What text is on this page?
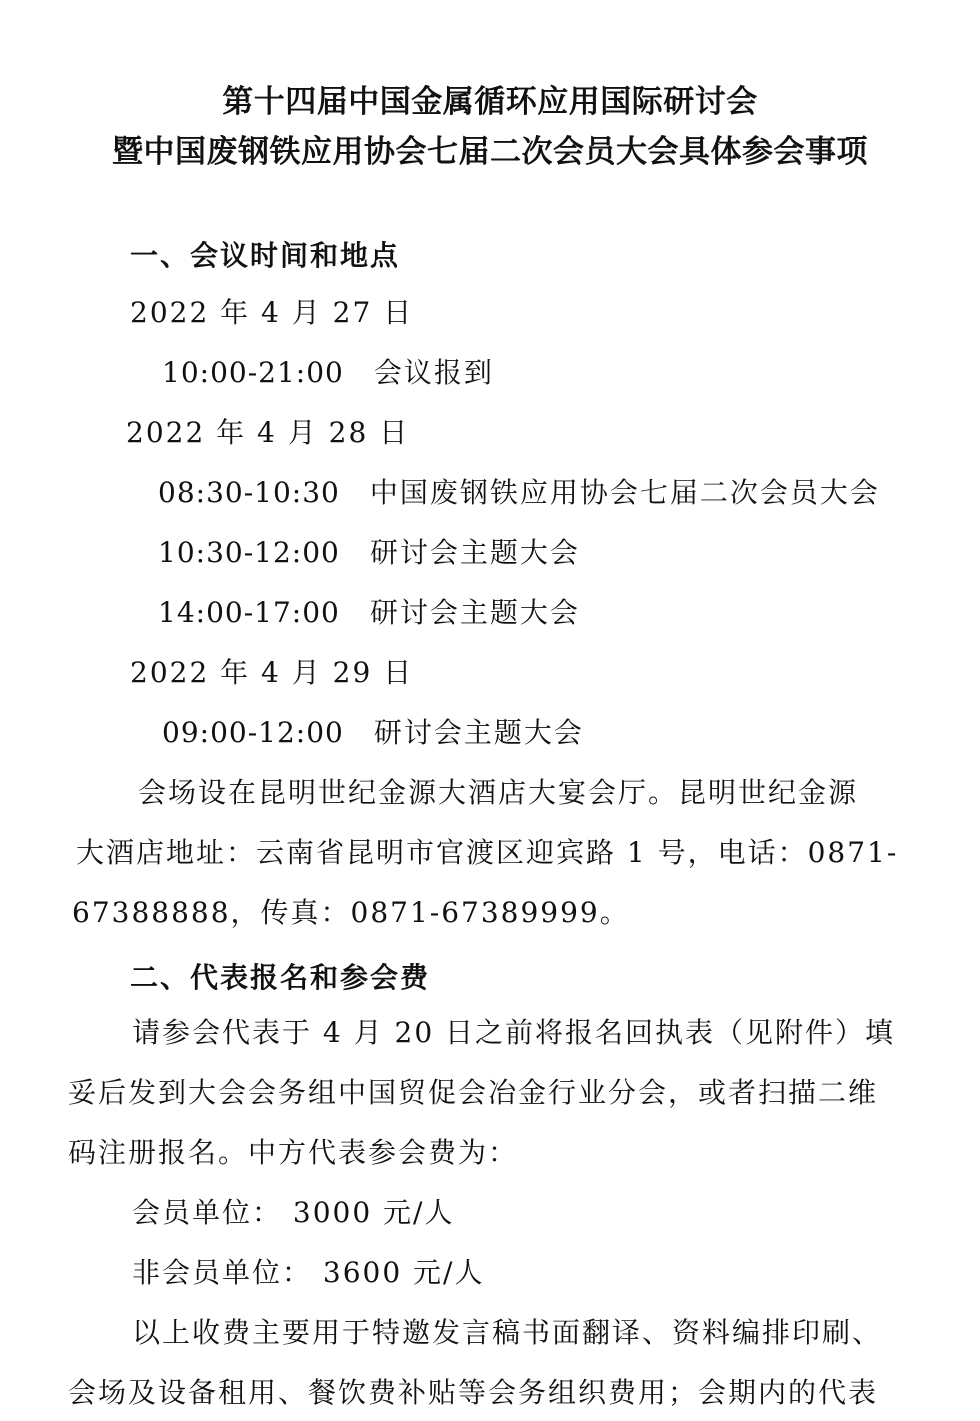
第十四届中国金属循环应用国际研讨会
暨中国废钢铁应用协会七届二次会员大会具体参会事项
一、会议时间和地点
2022 年 4 月 27 日
10:00-21:00 会议报到
2022 年 4 月 28 日
08:30-10:30 中国废钢铁应用协会七届二次会员大会
10:30-12:00 研讨会主题大会
14:00-17:00 研讨会主题大会
2022 年 4 月 29 日
09:00-12:00 研讨会主题大会
会场设在昆明世纪金源大酒店大宴会厅。昆明世纪金源
大酒店地址：云南省昆明市官渡区迎宾路 1 号，电话：0871-
67388888，传真：0871-67389999。
二、代表报名和参会费
请参会代表于 4 月 20 日之前将报名回执表（见附件）填
妥后发到大会会务组中国贸促会冶金行业分会，或者扫描二维
码注册报名。中方代表参会费为：
会员单位： 3000 元/人
非会员单位： 3600 元/人
以上收费主要用于特邀发言稿书面翻译、资料编排印刷、
会场及设备租用、餐饮费补贴等会务组织费用；会期内的代表
